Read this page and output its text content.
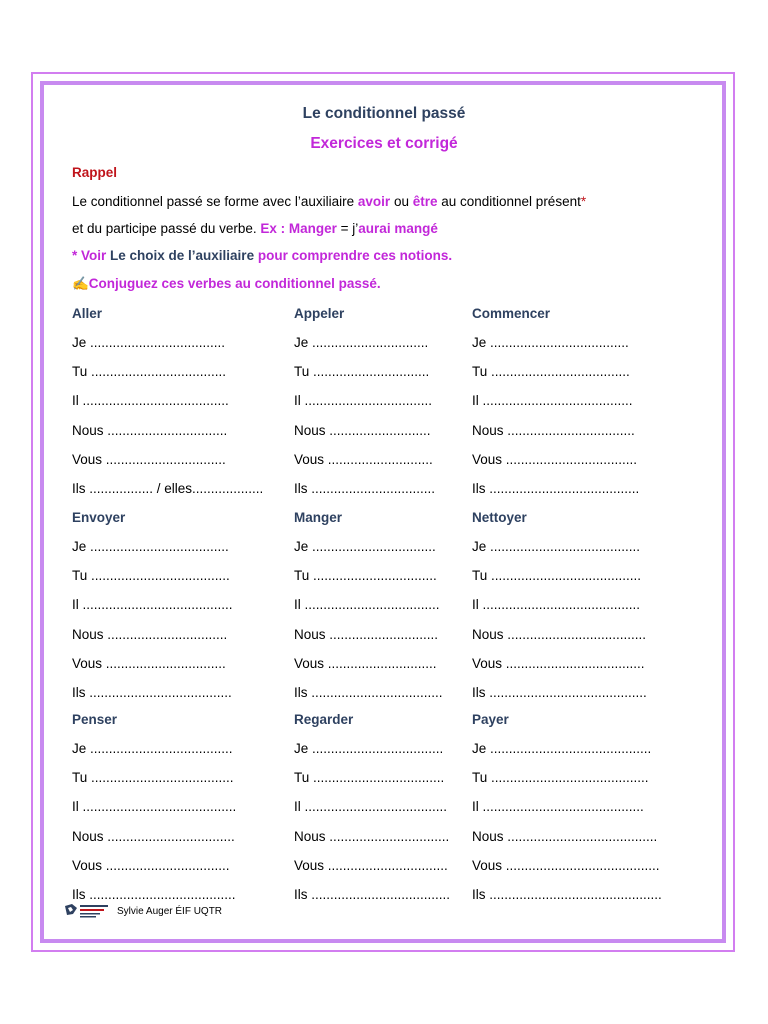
Le conditionnel passé
Exercices et corrigé
Rappel
Le conditionnel passé se forme avec l’auxiliaire avoir ou être au conditionnel présent*
et du participe passé du verbe. Ex : Manger = j’aurai mangé
* Voir Le choix de l’auxiliaire pour comprendre ces notions.
✍Conjuguez ces verbes au conditionnel passé.
Aller
Je ....................................
Tu ....................................
Il .......................................
Nous ................................
Vous ................................
Ils ................. / elles...................
Appeler
Je ...............................
Tu ...............................
Il ..................................
Nous ...........................
Vous ............................
Ils .................................
Commencer
Je .....................................
Tu .....................................
Il ........................................
Nous ..................................
Vous ...................................
Ils ........................................
Envoyer
Je .....................................
Tu .....................................
Il ........................................
Nous ................................
Vous ................................
Ils ......................................
Manger
Je .................................
Tu .................................
Il ....................................
Nous .............................
Vous .............................
Ils ...................................
Nettoyer
Je ........................................
Tu ........................................
Il ..........................................
Nous .....................................
Vous .....................................
Ils ..........................................
Penser
Je ......................................
Tu ......................................
Il .........................................
Nous ..................................
Vous .................................
Ils .......................................
Regarder
Je ...................................
Tu ...................................
Il ......................................
Nous ................................
Vous ................................
Ils .....................................
Payer
Je ...........................................
Tu ..........................................
Il ...........................................
Nous ........................................
Vous .........................................
Ils ..............................................
Sylvie Auger ÉIF UQTR
